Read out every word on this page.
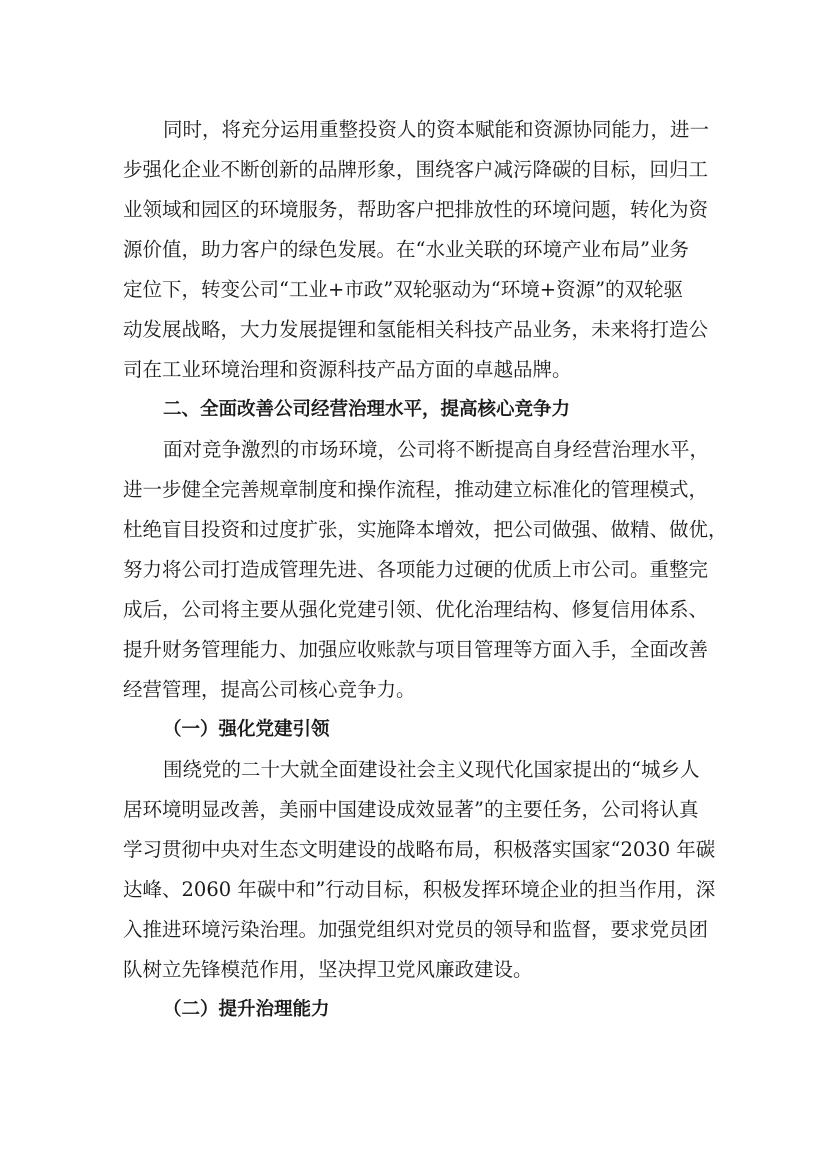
同时，将充分运用重整投资人的资本赋能和资源协同能力，进一
步强化企业不断创新的品牌形象，围绕客户减污降碳的目标，回归工
业领域和园区的环境服务，帮助客户把排放性的环境问题，转化为资
源价值，助力客户的绿色发展。在“水业关联的环境产业布局”业务
定位下，转变公司“工业+市政”双轮驱动为“环境+资源”的双轮驱
动发展战略，大力发展提锂和氢能相关科技产品业务，未来将打造公
司在工业环境治理和资源科技产品方面的卓越品牌。
二、全面改善公司经营治理水平，提高核心竞争力
面对竞争激烈的市场环境，公司将不断提高自身经营治理水平，
进一步健全完善规章制度和操作流程，推动建立标准化的管理模式，
杜绝盲目投资和过度扩张，实施降本增效，把公司做强、做精、做优，
努力将公司打造成管理先进、各项能力过硬的优质上市公司。重整完
成后，公司将主要从强化党建引领、优化治理结构、修复信用体系、
提升财务管理能力、加强应收账款与项目管理等方面入手，全面改善
经营管理，提高公司核心竞争力。
（一）强化党建引领
围绕党的二十大就全面建设社会主义现代化国家提出的“城乡人
居环境明显改善，美丽中国建设成效显著”的主要任务，公司将认真
学习贯彻中央对生态文明建设的战略布局，积极落实国家“2030 年碳
达峰、2060 年碳中和”行动目标，积极发挥环境企业的担当作用，深
入推进环境污染治理。加强党组织对党员的领导和监督，要求党员团
队树立先锋模范作用，坚决捍卫党风廉政建设。
（二）提升治理能力
